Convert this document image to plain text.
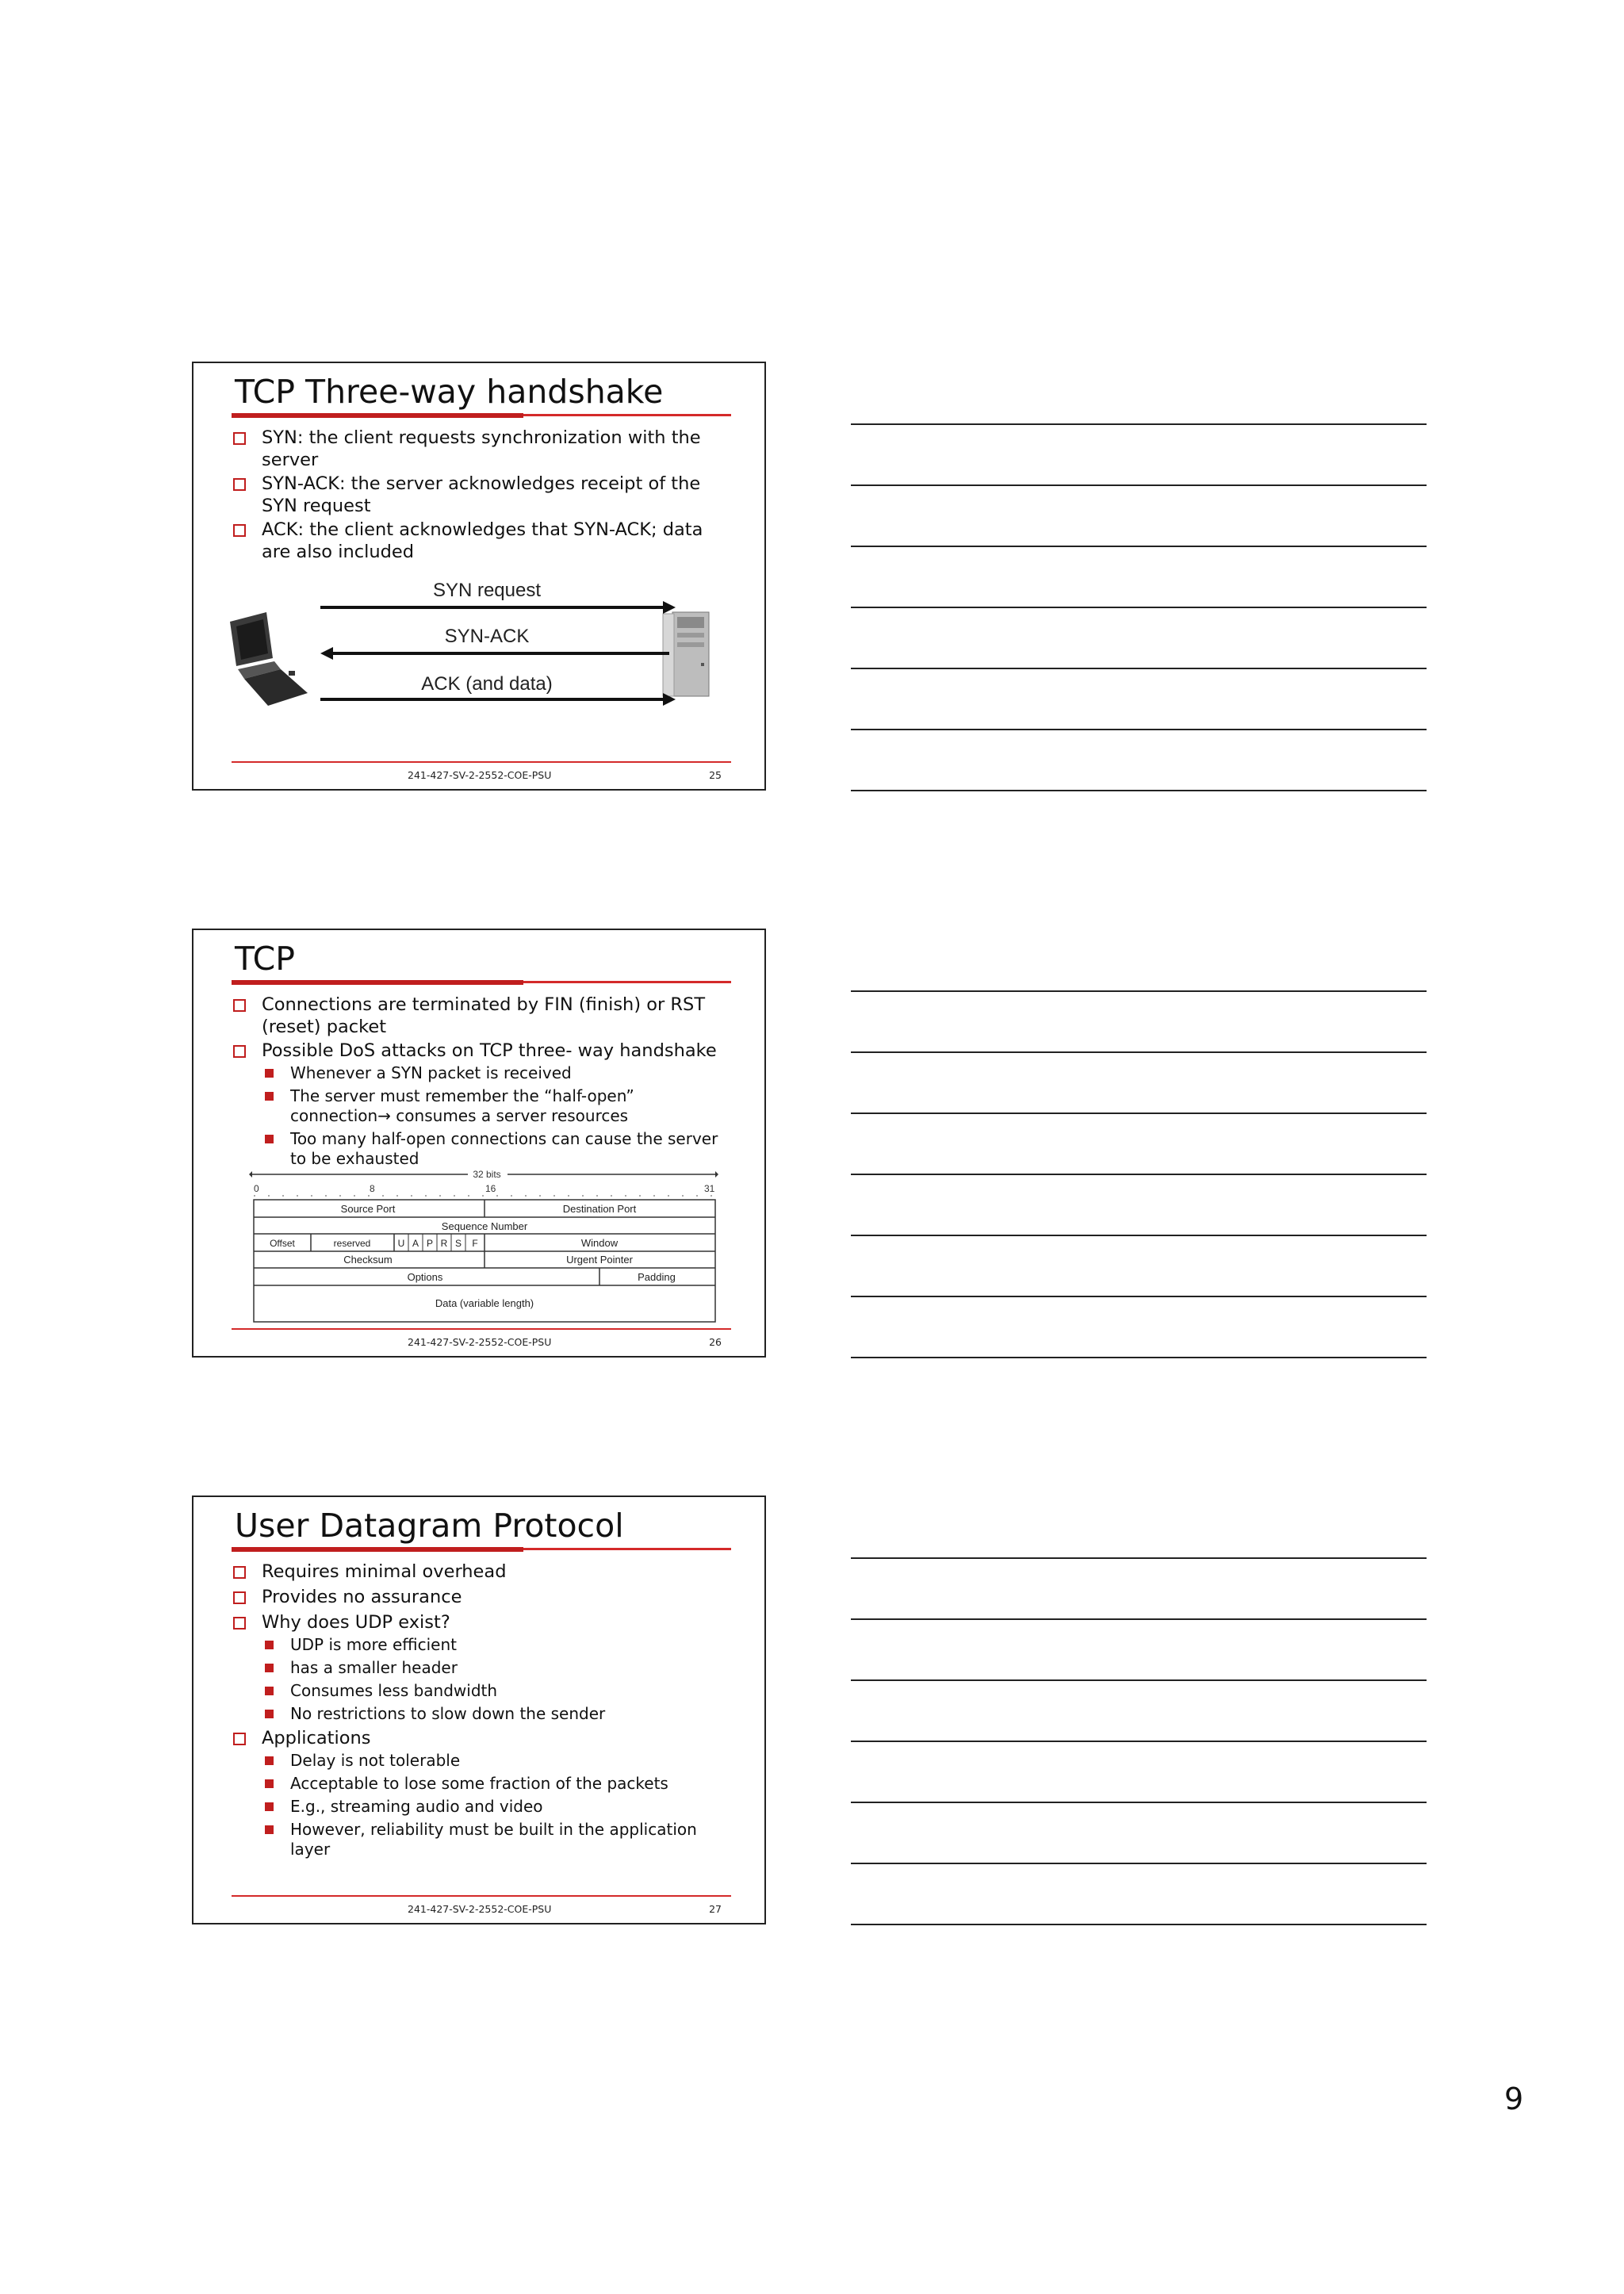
TCP Three-way handshake
SYN: the client requests synchronization with the server
SYN-ACK: the server acknowledges receipt of the SYN request
ACK: the client acknowledges that SYN-ACK; data are also included
SYN request
SYN-ACK
ACK (and data)
241-427-SV-2-2552-COE-PSU	25
TCP
Connections are terminated by FIN (finish) or RST (reset) packet
Possible DoS attacks on TCP three- way handshake
Whenever a SYN packet is received
The server must remember the “half-open” connection→ consumes a server resources
Too many half-open connections can cause the server to be exhausted
32 bits
0	8	16	31
Source Port	Destination Port
Sequence Number
Offset	reserved	U A P R S F	Window
Checksum	Urgent Pointer
Options	Padding
Data (variable length)
241-427-SV-2-2552-COE-PSU	26
User Datagram Protocol
Requires minimal overhead
Provides no assurance
Why does UDP exist?
UDP is more efficient
has a smaller header
Consumes less bandwidth
No restrictions to slow down the sender
Applications
Delay is not tolerable
Acceptable to lose some fraction of the packets
E.g., streaming audio and video
However, reliability must be built in the application layer
241-427-SV-2-2552-COE-PSU	27
9
